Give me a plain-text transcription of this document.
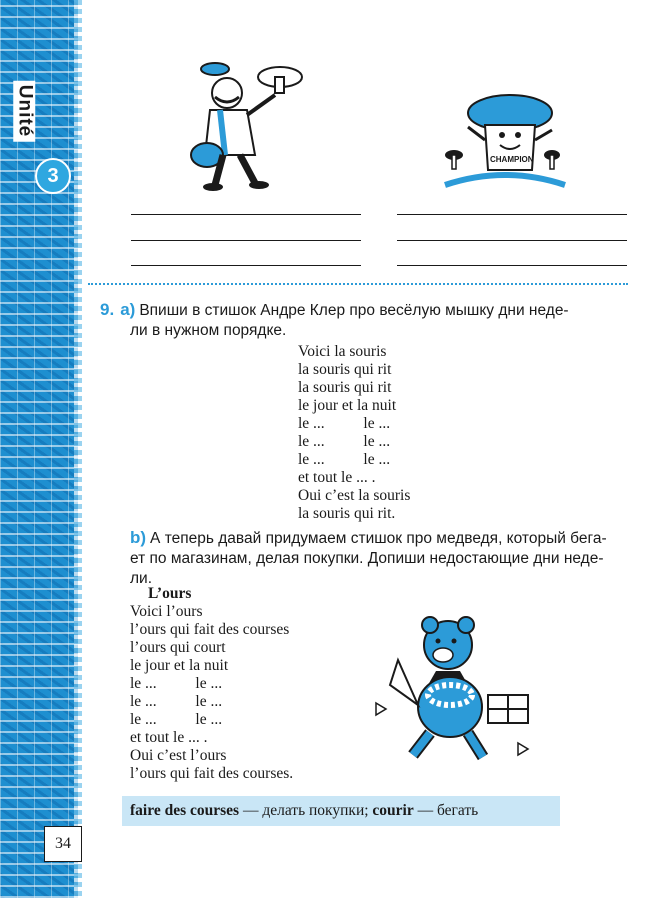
Unité
3
34
CHAMPION
9. a) Впиши в стишок Андре Клер про весёлую мышку дни неде-
ли в нужном порядке.
Voici la souris
la souris qui rit
la souris qui rit
le jour et la nuit
le ...          le ...
le ...          le ...
le ...          le ...
et tout le ... .
Oui c’est la souris
la souris qui rit.
b) А теперь давай придумаем стишок про медведя, который бега-
ет по магазинам, делая покупки. Допиши недостающие дни неде-
ли.
L’ours
Voici l’ours
l’ours qui fait des courses
l’ours qui court
le jour et la nuit
le ...          le ...
le ...          le ...
le ...          le ...
et tout le ... .
Oui c’est l’ours
l’ours qui fait des courses.
faire des courses — делать покупки; courir — бегать
